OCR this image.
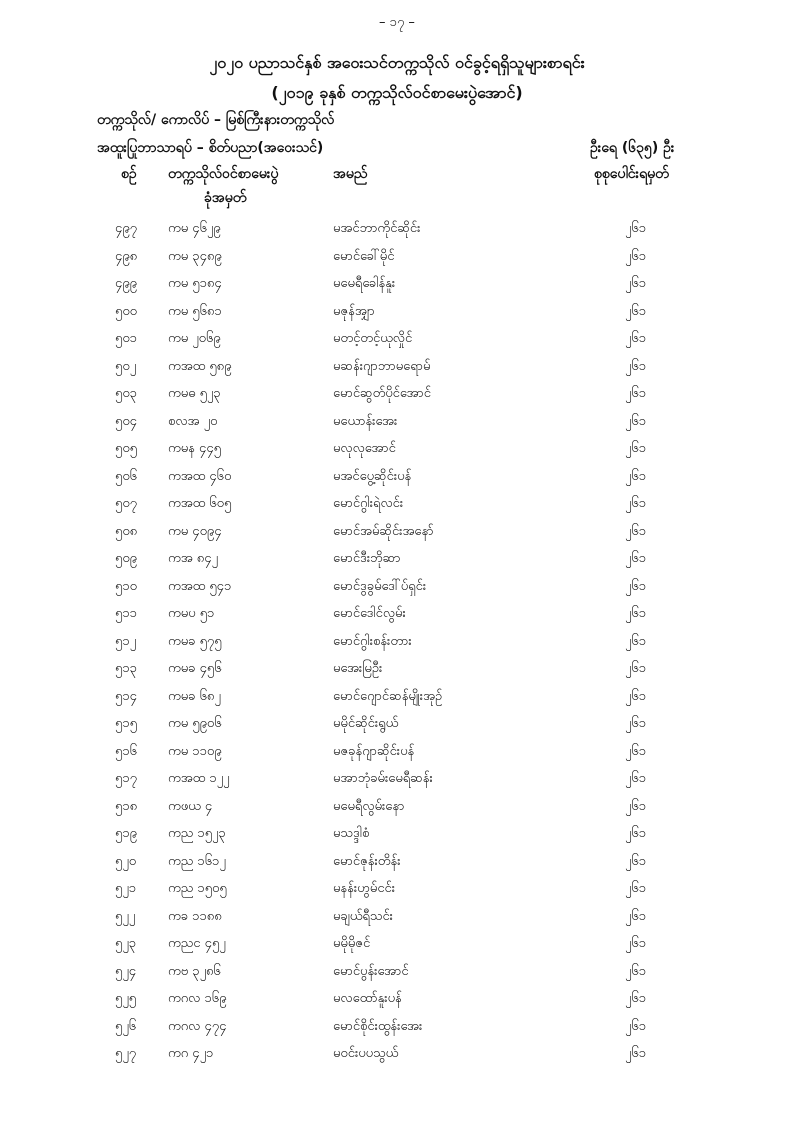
– ၁၇ –
၂၀၂၀ ပညာသင်နှစ် အဝေးသင်တက္ကသိုလ် ဝင်ခွင့်ရရှိသူများစာရင်း
(၂၀၁၉ ခုနှစ် တက္ကသိုလ်ဝင်စာမေးပွဲအောင်)
တက္ကသိုလ်/ ကောလိပ် – မြစ်ကြီးနားတက္ကသိုလ်
အထူးပြုဘာသာရပ် – စိတ်ပညာ(အဝေးသင်)	ဦးရေ (၆၃၅) ဦး
စဉ် တက္ကသိုလ်ဝင်စာမေးပွဲ
ခုံအမှတ်
အမည်	စုစုပေါင်းရမှတ်
၄၉၇ ကမ ၄၆၂၉	မအင်ဘာကိုင်ဆိုင်း	၂၆၁
၄၉၈ ကမ ၃၄၈၉	မောင်ခေါ်မိုင်	၂၆၁
၄၉၉ ကမ ၅၁၈၄	မမေရီခေါန်နူး	၂၆၁
၅၀၀ ကမ ၅၆၈၁	မဇုန်အျှာ	၂၆၁
၅၀၁ ကမ ၂၀၆၉	မတင့်တင့်ယုလှိုင်	၂၆၁
၅၀၂ ကအထ ၅၈၉	မဆန်းဂျာဘာမရောမ်	၂၆၁
၅၀၃ ကမဓ ၅၂၃	မောင်ဆွတ်ပိုင်အောင်	၂၆၁
၅၀၄ စလအ ၂၀	မယောန်းအေး	၂၆၁
၅၀၅ ကမန ၄၄၅	မလုလုအောင်	၂၆၁
၅၀၆ ကအထ ၄၆၀	မအင်ပွေ့ဆိုင်းပန်	၂၆၁
၅၀၇ ကအထ ၆၀၅	မောင်ဂွါးရဲလင်း	၂၆၁
၅၀၈ ကမ ၄၀၉၄	မောင်အမ်ဆိုင်းအနော်	၂၆၁
၅၀၉ ကအ ၈၄၂	မောင်ဒီးဘိုဆာ	၂၆၁
၅၁၀ ကအထ ၅၄၁	မောင်ဒွခွမ်ဒေါ်ပ်ရှင်း	၂၆၁
၅၁၁ ကမပ ၅၁	မောင်ဒေါင်လွမ်း	၂၆၁
၅၁၂ ကမခ ၅၇၅	မောင်ဂွါးစန်းတား	၂၆၁
၅၁၃ ကမခ ၄၅၆	မအေးမြဦး	၂၆၁
၅၁၄ ကမခ ၆၈၂	မောင်ဂျောင်ဆန်မျိုးအုဉ်	၂၆၁
၅၁၅ ကမ ၅၉၀၆	မမိုင်ဆိုင်းရွယ်	၂၆၁
၅၁၆ ကမ ၁၁၀၉	မဇခုန်ဂျာဆိုင်းပန်	၂၆၁
၅၁၇ ကအထ ၁၂၂	မအာဘုံခမ်းမေရီဆန်း	၂၆၁
၅၁၈ ကဖယ ၄	မမေရီလွမ်းနော	၂၆၁
၅၁၉ ကည ၁၅၂၃	မသဒ္ဒါစံ	၂၆၁
၅၂၀ ကည ၁၆၁၂	မောင်ဇုန်းတိန်း	၂၆၁
၅၂၁ ကည ၁၅၀၅	မနန်းဟွမ်ငင်း	၂၆၁
၅၂၂	ကခ ၁၁၈၈	မချယ်ရီသင်း	၂၆၁
၅၂၃ ကညင ၄၅၂	မမိုမိုဇင်	၂၆၁
၅၂၄ ကဗ ၃၂၈၆	မောင်ပွန်းအောင်	၂၆၁
၅၂၅ ကဂလ ၁၆၉	မလထော်နူးပန်	၂၆၁
၅၂၆ ကဂလ ၄၇၄	မောင်စိုင်းထွန်းအေး	၂၆၁
၅၂၇ ကဂ ၄၂၁	မဝင်းပပသွယ်	၂၆၁
